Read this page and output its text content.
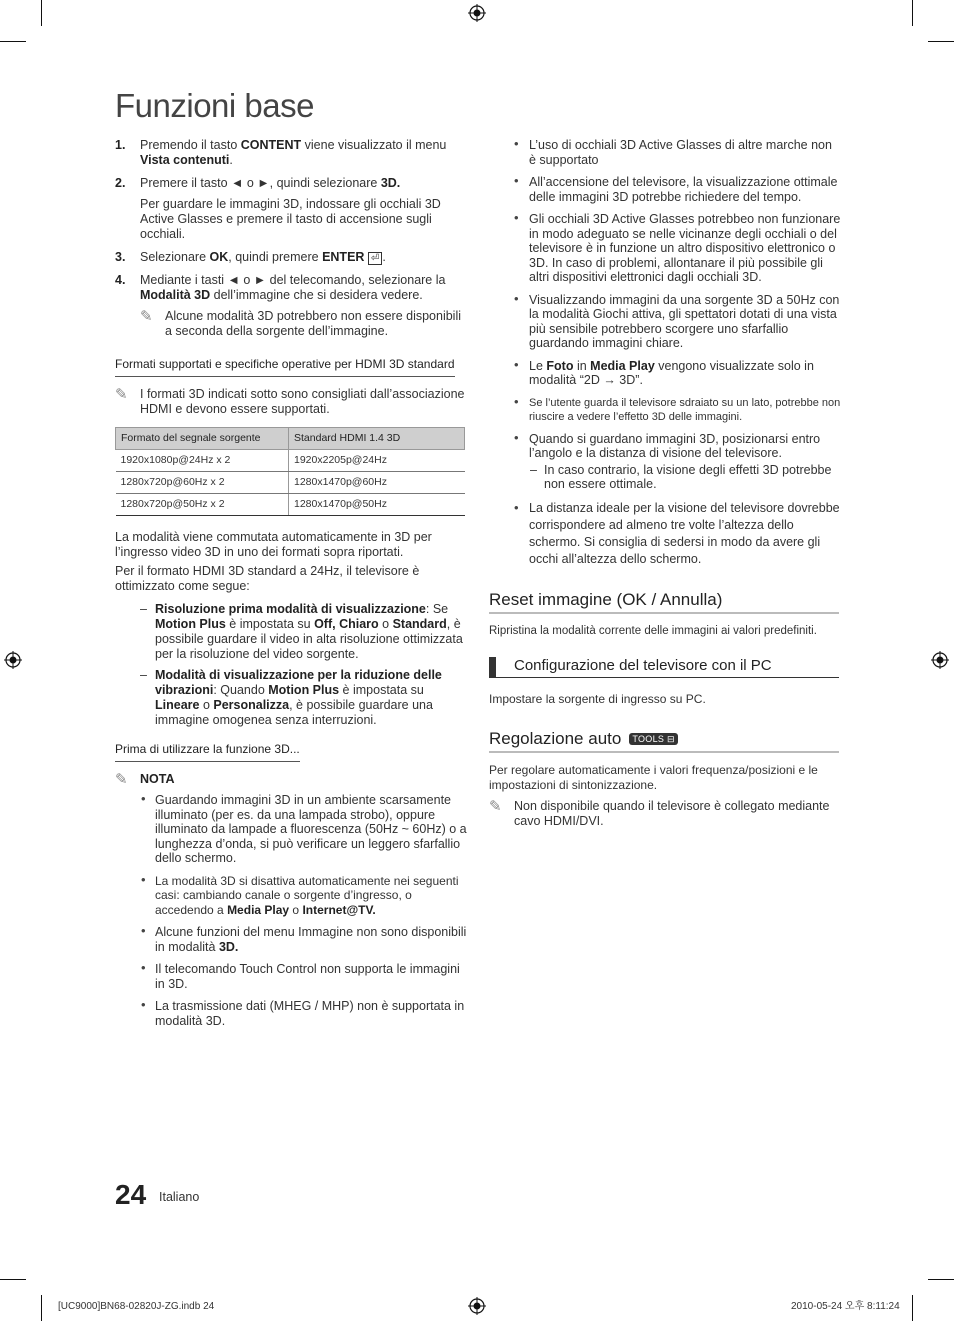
Funzioni base
1. Premendo il tasto CONTENT viene visualizzato il menu Vista contenuti.

2. Premere il tasto ◄ o ►, quindi selezionare 3D.

Per guardare le immagini 3D, indossare gli occhiali 3D Active Glasses e premere il tasto di accensione sugli occhiali.

3. Selezionare OK, quindi premere ENTER ⏎ .

4. Mediante i tasti ◄ o ► del telecomando, selezionare la Modalità 3D dell’immagine che si desidera vedere.

✎ Alcune modalità 3D potrebbero non essere disponibili a seconda della sorgente dell’immagine.
Formati supportati e specifiche operative per HDMI 3D standard
✎ I formati 3D indicati sotto sono consigliati dall’associazione HDMI e devono essere supportati.
Formato del segnale sorgente	Standard HDMI 1.4 3D
1920x1080p@24Hz x 2	1920x2205p@24Hz
1280x720p@60Hz x 2	1280x1470p@60Hz
1280x720p@50Hz x 2	1280x1470p@50Hz

La modalità viene commutata automaticamente in 3D per l’ingresso video 3D in uno dei formati sopra riportati.

Per il formato HDMI 3D standard a 24Hz, il televisore è ottimizzato come segue:

– Risoluzione prima modalità di visualizzazione: Se Motion Plus è impostata su Off, Chiaro o Standard, è possibile guardare il video in alta risoluzione ottimizzata per la risoluzione del video sorgente.
– Modalità di visualizzazione per la riduzione delle vibrazioni: Quando Motion Plus è impostata su Lineare o Personalizza, è possibile guardare una immagine omogenea senza interruzioni.
Prima di utilizzare la funzione 3D...
✎ NOTA
• Guardando immagini 3D in un ambiente scarsamente illuminato (per es. da una lampada strobo), oppure illuminato da lampade a fluorescenza (50Hz ~ 60Hz) o a lunghezza d’onda, si può verificare un leggero sfarfallio dello schermo.
• La modalità 3D si disattiva automaticamente nei seguenti casi: cambiando canale o sorgente d’ingresso, o accedendo a Media Play o Internet@TV.
• Alcune funzioni del menu Immagine non sono disponibili in modalità 3D.
• Il telecomando Touch Control non supporta le immagini in 3D.
• La trasmissione dati (MHEG / MHP) non è supportata in modalità 3D.
• L’uso di occhiali 3D Active Glasses di altre marche non è supportato
• All’accensione del televisore, la visualizzazione ottimale delle immagini 3D potrebbe richiedere del tempo.
• Gli occhiali 3D Active Glasses potrebbeo non funzionare in modo adeguato se nelle vicinanze degli occhiali o del televisore è in funzione un altro dispositivo elettronico o 3D. In caso di problemi, allontanare il più possibile gli altri dispositivi elettronici dagli occhiali 3D.
• Visualizzando immagini da una sorgente 3D a 50Hz con la modalità Giochi attiva, gli spettatori dotati di una vista più sensibile potrebbero scorgere uno sfarfallio guardando immagini chiare.
• Le Foto in Media Play vengono visualizzate solo in modalità “2D → 3D”.
• Se l’utente guarda il televisore sdraiato su un lato, potrebbe non riuscire a vedere l’effetto 3D delle immagini.
• Quando si guardano immagini 3D, posizionarsi entro l’angolo e la distanza di visione del televisore.
– In caso contrario, la visione degli effetti 3D potrebbe non essere ottimale.
• La distanza ideale per la visione del televisore dovrebbe corrispondere ad almeno tre volte l’altezza dello schermo. Si consiglia di sedersi in modo da avere gli occhi all’altezza dello schermo.
Reset immagine (OK / Annulla)

Ripristina la modalità corrente delle immagini ai valori predefiniti.

Configurazione del televisore con il PC

Impostare la sorgente di ingresso su PC.

Regolazione auto TOOLS ⊟

Per regolare automaticamente i valori frequenza/posizioni e le impostazioni di sintonizzazione.

✎ Non disponibile quando il televisore è collegato mediante cavo HDMI/DVI.
24 Italiano
[UC9000]BN68-02820J-ZG.indb 24	2010-05-24 오후 8:11:24
